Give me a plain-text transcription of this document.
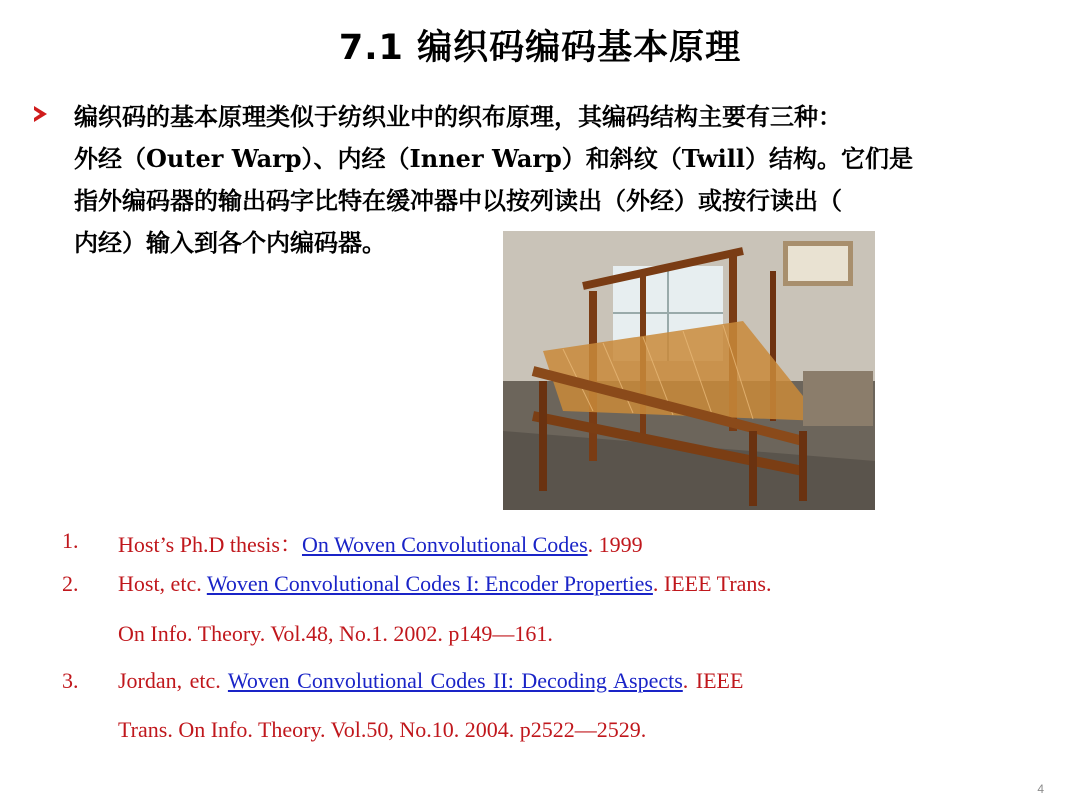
7.1 编织码编码基本原理
编织码的基本原理类似于纺织业中的织布原理，其编码结构主要有三种：
外经（Outer Warp）、内经（Inner Warp）和斜纹（Twill）结构。它们是
指外编码器的输出码字比特在缓冲器中以按列读出（外经）或按行读出（
内经）输入到各个内编码器。
1. Host’s Ph.D thesis：On Woven Convolutional Codes. 1999
2. Host, etc. Woven Convolutional Codes I: Encoder Properties. IEEE Trans.
On Info. Theory. Vol.48, No.1. 2002. p149—161.
3. Jordan, etc. Woven Convolutional Codes II: Decoding Aspects. IEEE
Trans. On Info. Theory. Vol.50, No.10. 2004. p2522—2529.
4
